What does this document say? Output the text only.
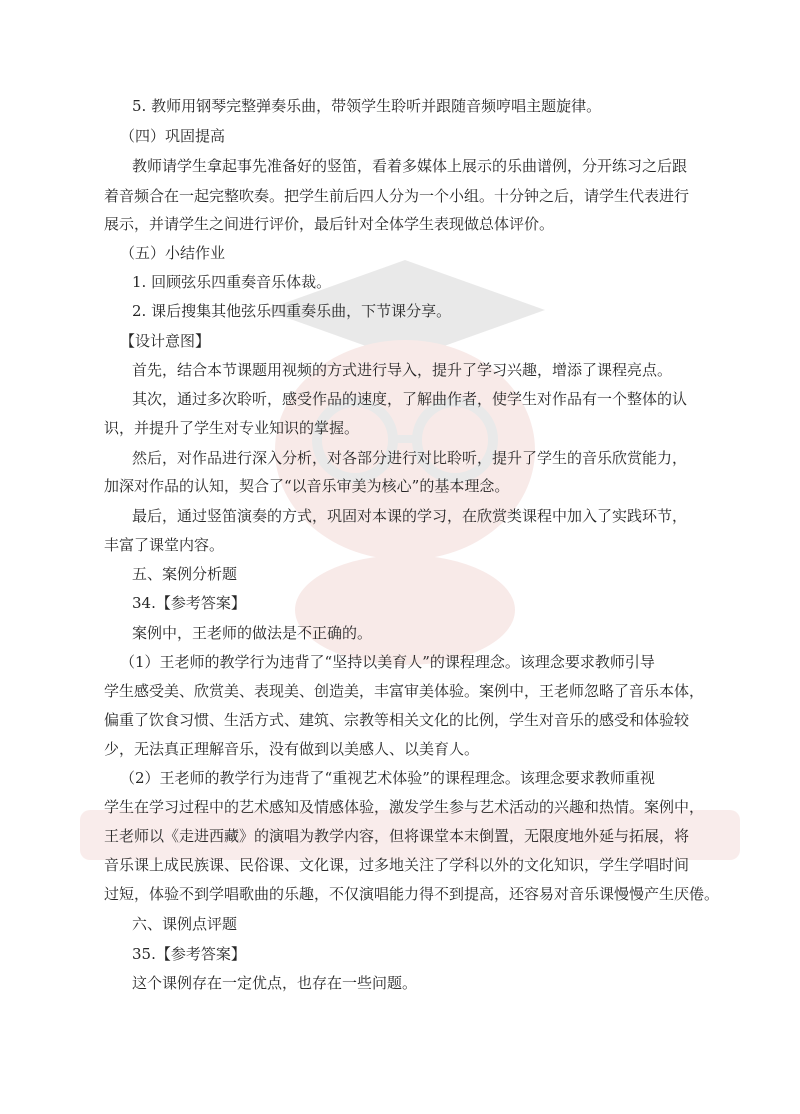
5. 教师用钢琴完整弹奏乐曲，带领学生聆听并跟随音频哼唱主题旋律。
（四）巩固提高
教师请学生拿起事先准备好的竖笛，看着多媒体上展示的乐曲谱例，分开练习之后跟
着音频合在一起完整吹奏。把学生前后四人分为一个小组。十分钟之后，请学生代表进行
展示，并请学生之间进行评价，最后针对全体学生表现做总体评价。
（五）小结作业
1. 回顾弦乐四重奏音乐体裁。
2. 课后搜集其他弦乐四重奏乐曲，下节课分享。
【设计意图】
首先，结合本节课题用视频的方式进行导入，提升了学习兴趣，增添了课程亮点。
其次，通过多次聆听，感受作品的速度，了解曲作者，使学生对作品有一个整体的认
识，并提升了学生对专业知识的掌握。
然后，对作品进行深入分析，对各部分进行对比聆听，提升了学生的音乐欣赏能力，
加深对作品的认知，契合了“以音乐审美为核心”的基本理念。
最后，通过竖笛演奏的方式，巩固对本课的学习，在欣赏类课程中加入了实践环节，
丰富了课堂内容。
五、案例分析题
34.【参考答案】
案例中，王老师的做法是不正确的。
（1）王老师的教学行为违背了“坚持以美育人”的课程理念。该理念要求教师引导
学生感受美、欣赏美、表现美、创造美，丰富审美体验。案例中，王老师忽略了音乐本体，
偏重了饮食习惯、生活方式、建筑、宗教等相关文化的比例，学生对音乐的感受和体验较
少，无法真正理解音乐，没有做到以美感人、以美育人。
（2）王老师的教学行为违背了“重视艺术体验”的课程理念。该理念要求教师重视
学生在学习过程中的艺术感知及情感体验，激发学生参与艺术活动的兴趣和热情。案例中，
王老师以《走进西藏》的演唱为教学内容，但将课堂本末倒置，无限度地外延与拓展，将
音乐课上成民族课、民俗课、文化课，过多地关注了学科以外的文化知识，学生学唱时间
过短，体验不到学唱歌曲的乐趣，不仅演唱能力得不到提高，还容易对音乐课慢慢产生厌倦。
六、课例点评题
35.【参考答案】
这个课例存在一定优点，也存在一些问题。
